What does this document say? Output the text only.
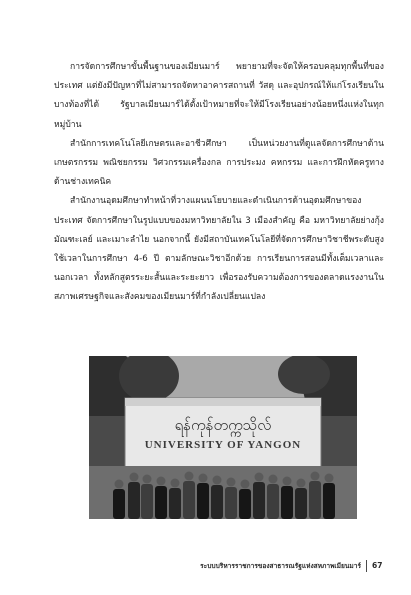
การจัดการศึกษาขั้นพื้นฐานของเมียนมาร์ พยายามที่จะจัดให้ครอบคลุมทุกพื้นที่ของประเทศ แต่ยังมีปัญหาที่ไม่สามารถจัดหาอาคารสถานที่ วัสดุ และอุปกรณ์ให้แก่โรงเรียนในบางท้องที่ได้ รัฐบาลเมียนมาร์ได้ตั้งเป้าหมายที่จะให้มีโรงเรียนอย่างน้อยหนึ่งแห่งในทุกหมู่บ้าน

สำนักการเทคโนโลยีเกษตรและอาชีวศึกษา เป็นหน่วยงานที่ดูแลจัดการศึกษาด้านเกษตรกรรม พณิชยกรรม วิศวกรรมเครื่องกล การประมง คหกรรม และการฝึกหัดครูทางด้านช่างเทคนิค

สำนักงานอุดมศึกษาทำหน้าที่วางแผนนโยบายและดำเนินการด้านอุดมศึกษาของประเทศ จัดการศึกษาในรูปแบบของมหาวิทยาลัยใน 3 เมืองสำคัญ คือ มหาวิทยาลัยย่างกุ้ง มัณฑะเลย์ และเมาะลำไย นอกจากนี้ ยังมีสถาบันเทคโนโลยีที่จัดการศึกษาวิชาชีพระดับสูง ใช้เวลาในการศึกษา 4-6 ปี ตามลักษณะวิชาอีกด้วย การเรียนการสอนมีทั้งเต็มเวลาและนอกเวลา ทั้งหลักสูตรระยะสั้นและระยะยาว เพื่อรองรับความต้องการของตลาดแรงงานในสภาพเศรษฐกิจและสังคมของเมียนมาร์ที่กำลังเปลี่ยนแปลง

ရန်ကုန်တက္ကသိုလ်
UNIVERSITY OF YANGON
ระบบบริหารราชการของสาธารณรัฐแห่งสหภาพเมียนมาร์ 67
